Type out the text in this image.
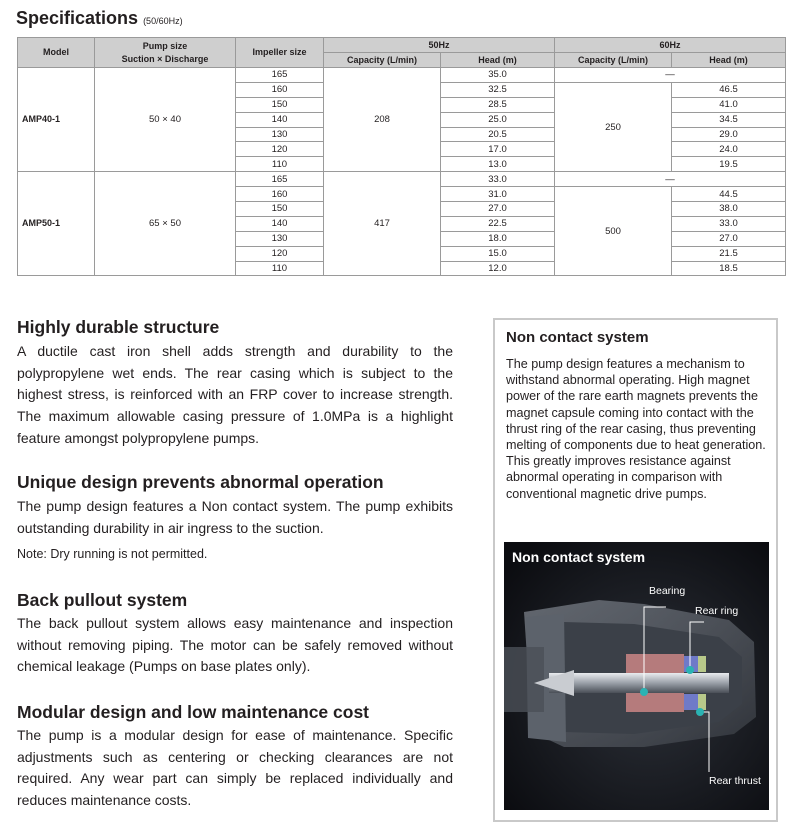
Specifications (50/60Hz)
Model	Pump size
Suction × Discharge	Impeller size	50Hz		60Hz	
			Capacity (L/min)	Head (m)	Capacity (L/min)	Head (m)
AMP40-1	50 × 40	165	208	35.0	—	
		160		32.5	250	46.5
		150		28.5		41.0
		140		25.0		34.5
		130		20.5		29.0
		120		17.0		24.0
		110		13.0		19.5
AMP50-1	65 × 50	165	417	33.0	—	
		160		31.0	500	44.5
		150		27.0		38.0
		140		22.5		33.0
		130		18.0		27.0
		120		15.0		21.5
		110		12.0		18.5
Highly durable structure

A ductile cast iron shell adds strength and durability to the polypropylene wet ends. The rear casing which is subject to the highest stress, is reinforced with an FRP cover to increase strength. The maximum allowable casing pressure of 1.0MPa is a highlight feature amongst polypropylene pumps.

Unique design prevents abnormal operation

The pump design features a Non contact system. The pump exhibits outstanding durability in air ingress to the suction.

Note: Dry running is not permitted.
Back pullout system

The back pullout system allows easy maintenance and inspection without removing piping. The motor can be safely removed without chemical leakage (Pumps on base plates only).

Modular design and low maintenance cost

The pump is a modular design for ease of maintenance. Specific adjustments such as centering or checking clearances are not required. Any wear part can simply be replaced individually and reduces maintenance costs.

Non contact system

The pump design features a mechanism to withstand abnormal operating. High magnet power of the rare earth magnets prevents the magnet capsule coming into contact with the thrust ring of the rear casing, thus preventing melting of components due to heat generation. This greatly improves resistance against abnormal operating in comparison with conventional magnetic drive pumps.

Non contact system
Bearing
Rear ring
Rear thrust
